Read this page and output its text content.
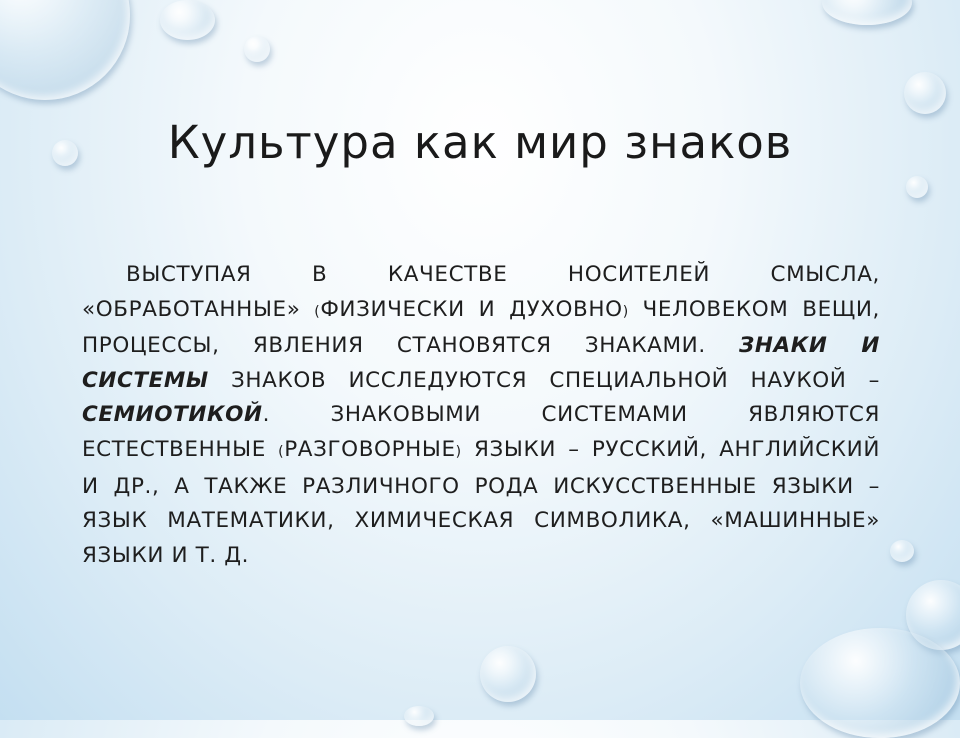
Культура как мир знаков
ВЫСТУПАЯ В КАЧЕСТВЕ НОСИТЕЛЕЙ СМЫСЛА, «ОБРАБОТАННЫЕ» (ФИЗИЧЕСКИ И ДУХОВНО) ЧЕЛОВЕКОМ ВЕЩИ, ПРОЦЕССЫ, ЯВЛЕНИЯ СТАНОВЯТСЯ ЗНАКАМИ. ЗНАКИ И СИСТЕМЫ ЗНАКОВ ИССЛЕДУЮТСЯ СПЕЦИАЛЬНОЙ НАУКОЙ – СЕМИОТИКОЙ. ЗНАКОВЫМИ СИСТЕМАМИ ЯВЛЯЮТСЯ ЕСТЕСТВЕННЫЕ (РАЗГОВОРНЫЕ) ЯЗЫКИ – РУССКИЙ, АНГЛИЙСКИЙ И ДР., А ТАКЖЕ РАЗЛИЧНОГО РОДА ИСКУССТВЕННЫЕ ЯЗЫКИ – ЯЗЫК МАТЕМАТИКИ, ХИМИЧЕСКАЯ СИМВОЛИКА, «МАШИННЫЕ» ЯЗЫКИ И Т. Д.
